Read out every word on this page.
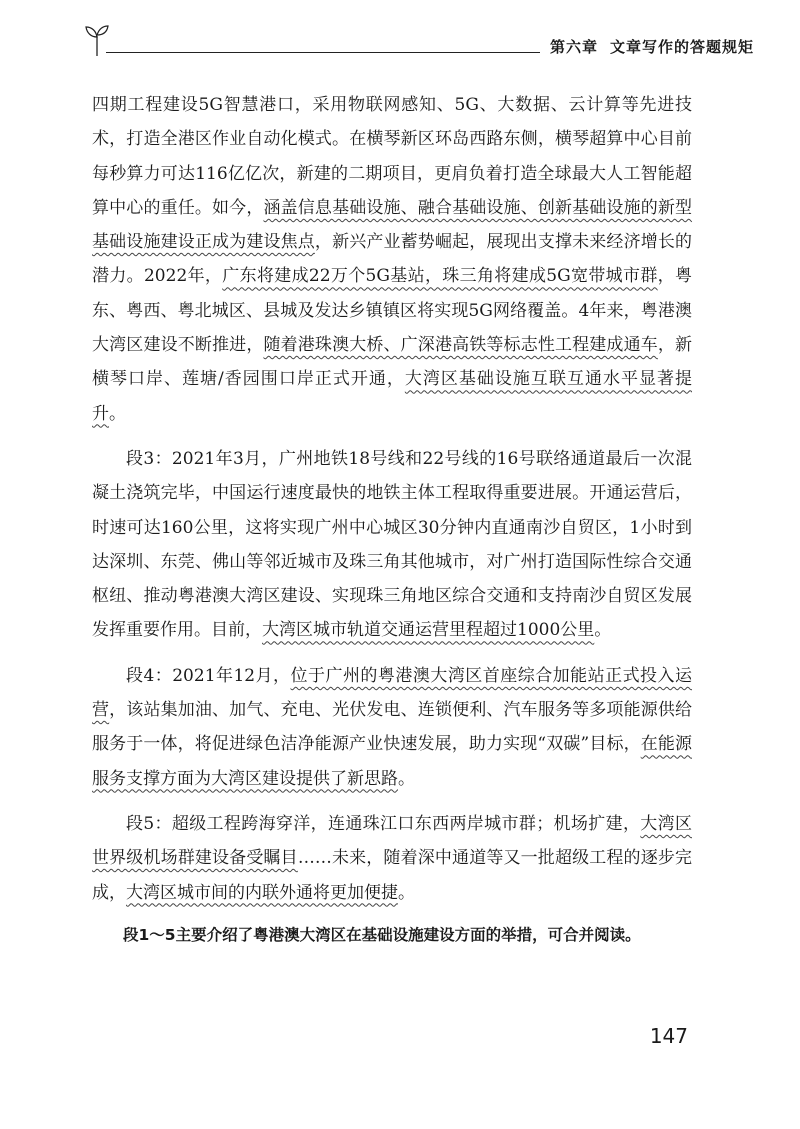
第六章 文章写作的答题规矩

四期工程建设5G智慧港口，采用物联网感知、5G、大数据、云计算等先进技术，打造全港区作业自动化模式。在横琴新区环岛西路东侧，横琴超算中心目前每秒算力可达116亿亿次，新建的二期项目，更肩负着打造全球最大人工智能超算中心的重任。如今，涵盖信息基础设施、融合基础设施、创新基础设施的新型基础设施建设正成为建设焦点，新兴产业蓄势崛起，展现出支撑未来经济增长的潜力。2022年，广东将建成22万个5G基站，珠三角将建成5G宽带城市群，粤东、粤西、粤北城区、县城及发达乡镇镇区将实现5G网络覆盖。4年来，粤港澳大湾区建设不断推进，随着港珠澳大桥、广深港高铁等标志性工程建成通车，新横琴口岸、莲塘/香园围口岸正式开通，大湾区基础设施互联互通水平显著提升。

段3：2021年3月，广州地铁18号线和22号线的16号联络通道最后一次混凝土浇筑完毕，中国运行速度最快的地铁主体工程取得重要进展。开通运营后，时速可达160公里，这将实现广州中心城区30分钟内直通南沙自贸区，1小时到达深圳、东莞、佛山等邻近城市及珠三角其他城市，对广州打造国际性综合交通枢纽、推动粤港澳大湾区建设、实现珠三角地区综合交通和支持南沙自贸区发展发挥重要作用。目前，大湾区城市轨道交通运营里程超过1000公里。

段4：2021年12月，位于广州的粤港澳大湾区首座综合加能站正式投入运营，该站集加油、加气、充电、光伏发电、连锁便利、汽车服务等多项能源供给服务于一体，将促进绿色洁净能源产业快速发展，助力实现“双碳”目标，在能源服务支撑方面为大湾区建设提供了新思路。

段5：超级工程跨海穿洋，连通珠江口东西两岸城市群；机场扩建，大湾区世界级机场群建设备受瞩目……未来，随着深中通道等又一批超级工程的逐步完成，大湾区城市间的内联外通将更加便捷。

段1～5主要介绍了粤港澳大湾区在基础设施建设方面的举措，可合并阅读。

147
